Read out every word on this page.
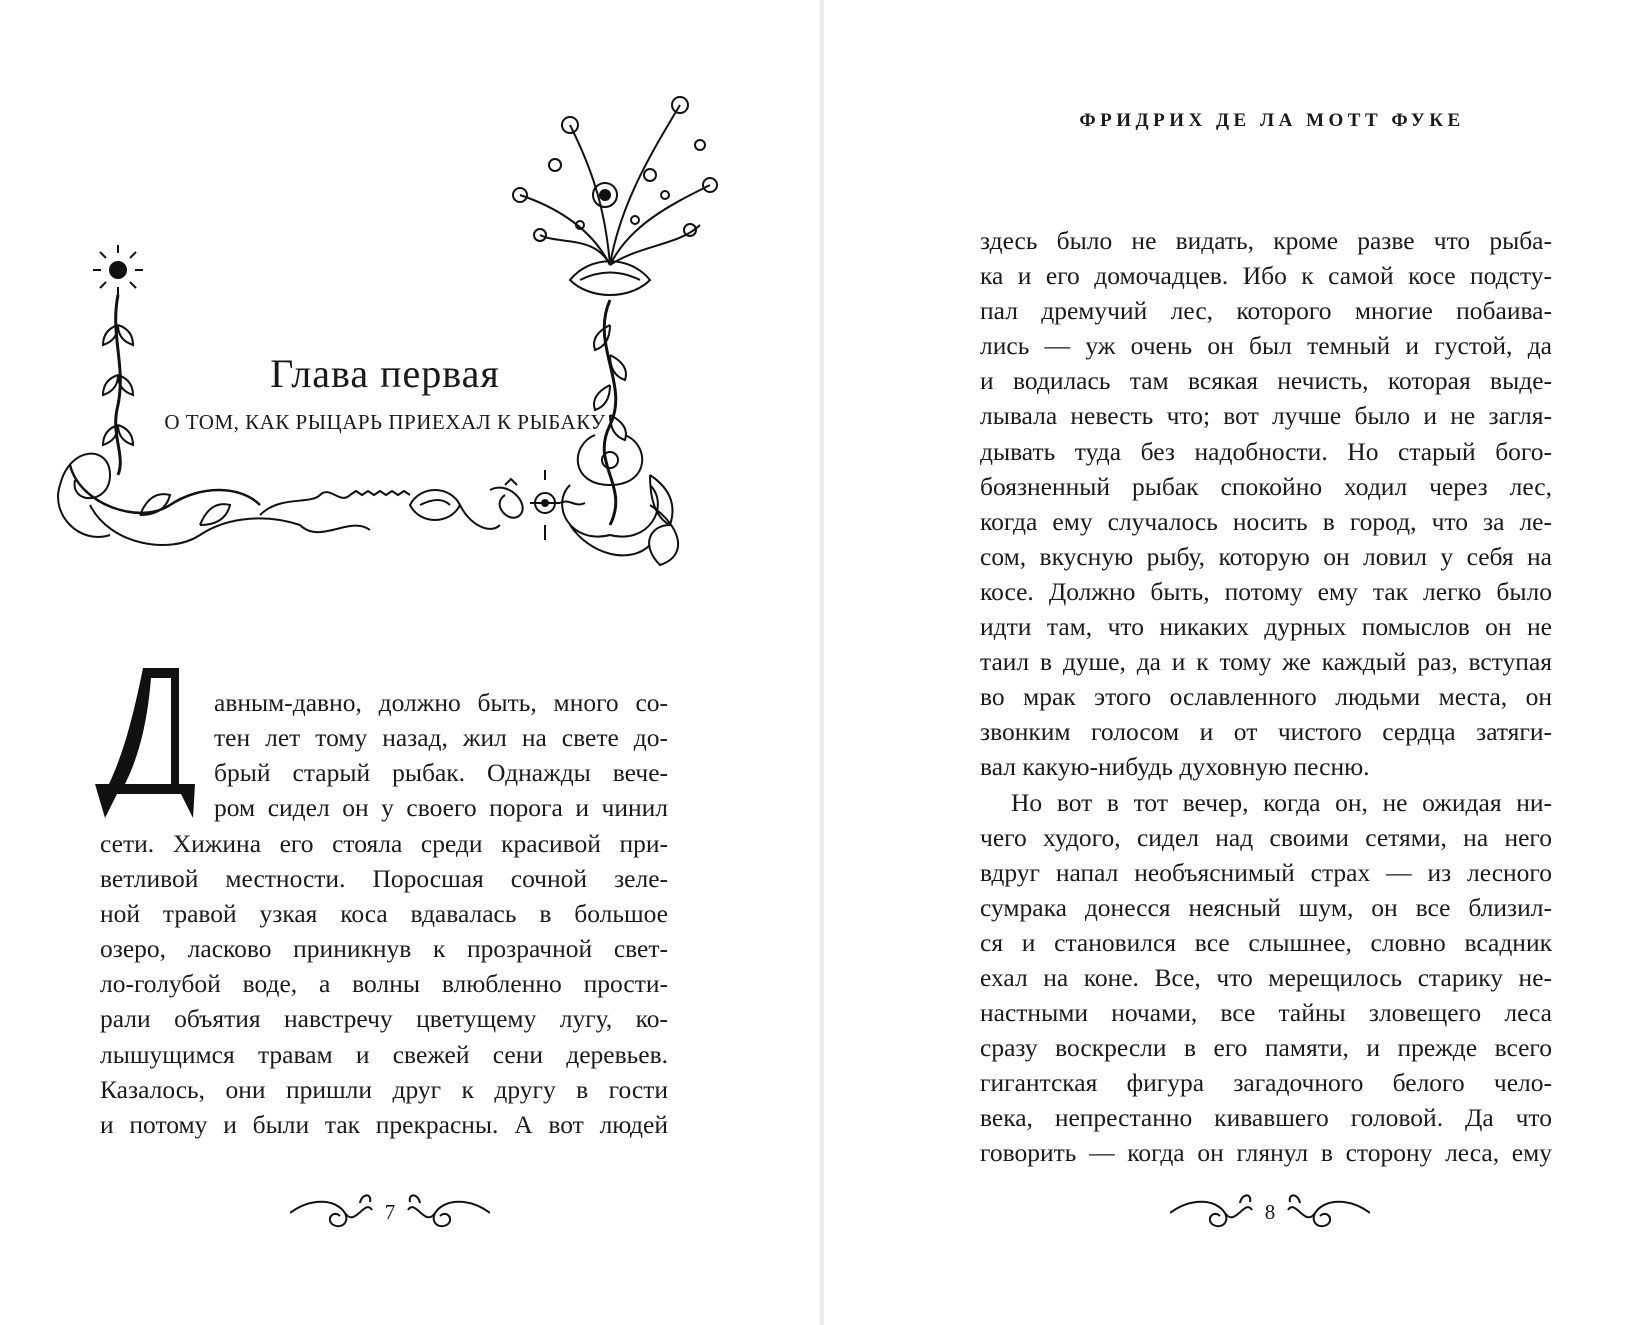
Глава первая
О ТОМ, КАК РЫЦАРЬ ПРИЕХАЛ К РЫБАКУ
авным-давно, должно быть, много со-
тен лет тому назад, жил на свете до-
брый старый рыбак. Однажды вече-
ром сидел он у своего порога и чинил
сети. Хижина его стояла среди красивой при-
ветливой местности. Поросшая сочной зеле-
ной травой узкая коса вдавалась в большое
озеро, ласково приникнув к прозрачной свет-
ло-голубой воде, а волны влюбленно прости-
рали объятия навстречу цветущему лугу, ко-
лышущимся травам и свежей сени деревьев.
Казалось, они пришли друг к другу в гости
и потому и были так прекрасны. А вот людей
7
ФРИДРИХ ДЕ ЛА МОТТ ФУКЕ
здесь было не видать, кроме разве что рыба-
ка и его домочадцев. Ибо к самой косе подсту-
пал дремучий лес, которого многие побаива-
лись — уж очень он был темный и густой, да
и водилась там всякая нечисть, которая выде-
лывала невесть что; вот лучше было и не загля-
дывать туда без надобности. Но старый бого-
боязненный рыбак спокойно ходил через лес,
когда ему случалось носить в город, что за ле-
сом, вкусную рыбу, которую он ловил у себя на
косе. Должно быть, потому ему так легко было
идти там, что никаких дурных помыслов он не
таил в душе, да и к тому же каждый раз, вступая
во мрак этого ославленного людьми места, он
звонким голосом и от чистого сердца затяги-
вал какую-нибудь духовную песню.
Но вот в тот вечер, когда он, не ожидая ни-
чего худого, сидел над своими сетями, на него
вдруг напал необъяснимый страх — из лесного
сумрака донесся неясный шум, он все близил-
ся и становился все слышнее, словно всадник
ехал на коне. Все, что мерещилось старику не-
настными ночами, все тайны зловещего леса
сразу воскресли в его памяти, и прежде всего
гигантская фигура загадочного белого чело-
века, непрестанно кивавшего головой. Да что
говорить — когда он глянул в сторону леса, ему
8
